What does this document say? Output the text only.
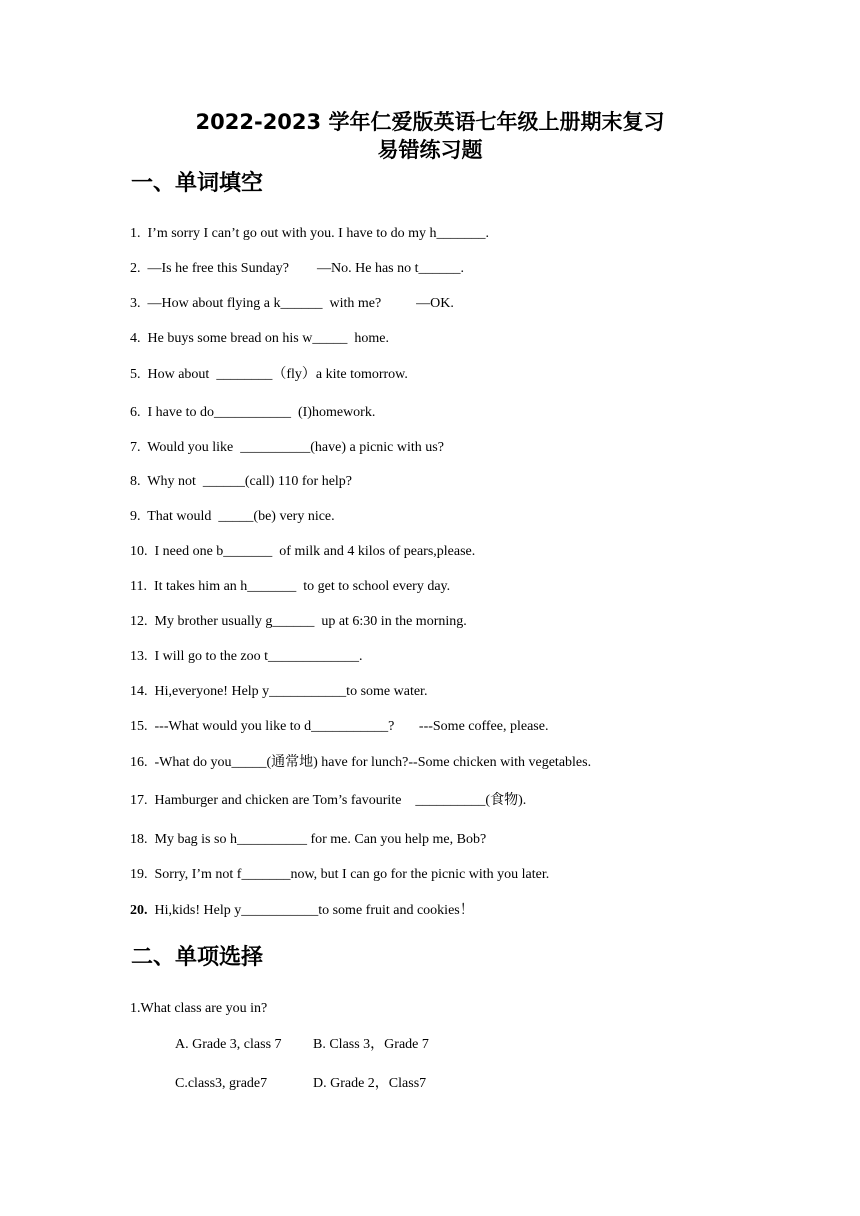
2022-2023 学年仁爱版英语七年级上册期末复习
易错练习题
一、单词填空
1. I’m sorry I can’t go out with you. I have to do my h_______.
2. —Is he free this Sunday?        —No. He has no t______.
3. —How about flying a k______  with me?          —OK.
4. He buys some bread on his w_____  home.
5. How about  ________（fly）a kite tomorrow.
6. I have to do___________  (I)homework.
7. Would you like  __________(have) a picnic with us?
8. Why not  ______(call) 110 for help?
9. That would  _____(be) very nice.
10. I need one b_______  of milk and 4 kilos of pears,please.
11. It takes him an h_______  to get to school every day.
12. My brother usually g______  up at 6:30 in the morning.
13. I will go to the zoo t_____________.
14. Hi,everyone! Help y___________to some water.
15. ---What would you like to d___________?       ---Some coffee, please.
16. -What do you_____(通常地) have for lunch?--Some chicken with vegetables.
17. Hamburger and chicken are Tom’s favourite    __________(食物).
18. My bag is so h__________ for me. Can you help me, Bob?
19. Sorry, I’m not f_______now, but I can go for the picnic with you later.
20. Hi,kids! Help y___________to some fruit and cookies！
二、单项选择
1.What class are you in?
A. Grade 3, class 7 B. Class 3，Grade 7
C.class3, grade7	D. Grade 2，Class7
